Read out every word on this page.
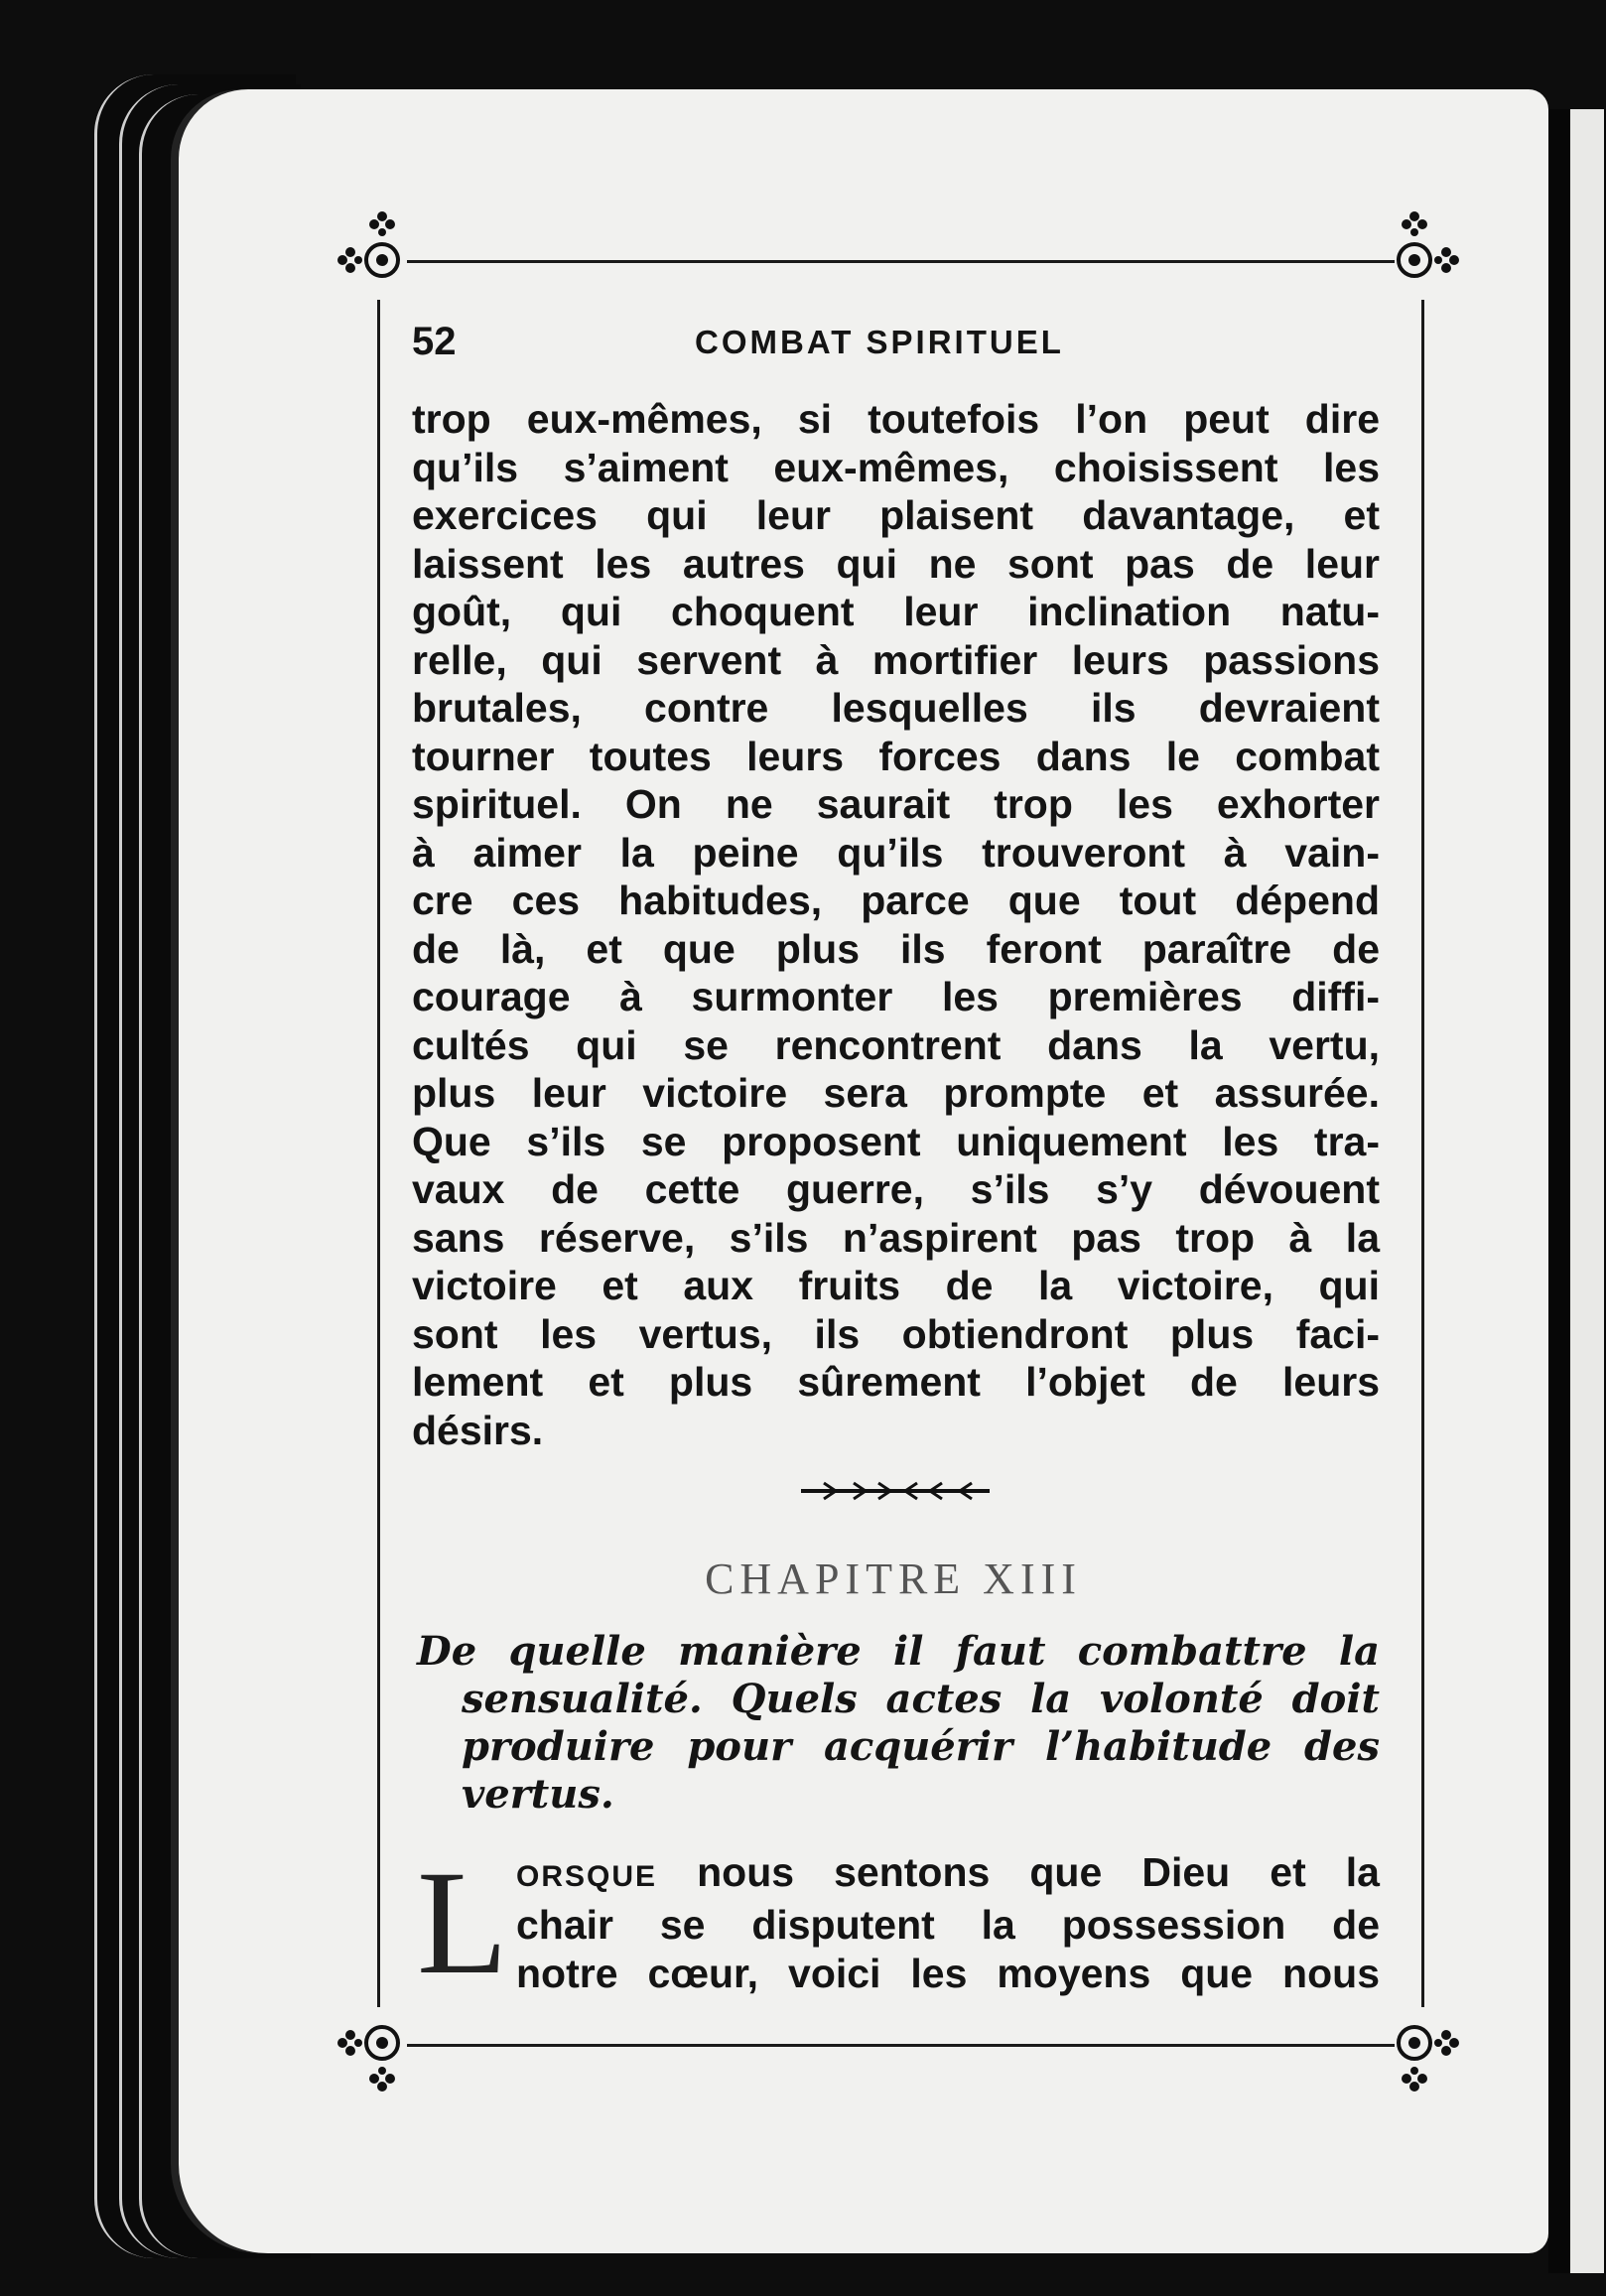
52	COMBAT SPIRITUEL
trop eux-mêmes, si toutefois l’on peut dire
qu’ils s’aiment eux-mêmes, choisissent les
exercices qui leur plaisent davantage, et
laissent les autres qui ne sont pas de leur
goût, qui choquent leur inclination natu-
relle, qui servent à mortifier leurs passions
brutales, contre lesquelles ils devraient
tourner toutes leurs forces dans le combat
spirituel. On ne saurait trop les exhorter
à aimer la peine qu’ils trouveront à vain-
cre ces habitudes, parce que tout dépend
de là, et que plus ils feront paraître de
courage à surmonter les premières diffi-
cultés qui se rencontrent dans la vertu,
plus leur victoire sera prompte et assurée.
Que s’ils se proposent uniquement les tra-
vaux de cette guerre, s’ils s’y dévouent
sans réserve, s’ils n’aspirent pas trop à la
victoire et aux fruits de la victoire, qui
sont les vertus, ils obtiendront plus faci-
lement et plus sûrement l’objet de leurs
désirs.
CHAPITRE XIII
De quelle manière il faut combattre la
sensualité. Quels actes la volonté doit
produire pour acquérir l’habitude des
vertus.
L ORSQUE nous sentons que Dieu et la
chair se disputent la possession de
notre cœur, voici les moyens que nous
